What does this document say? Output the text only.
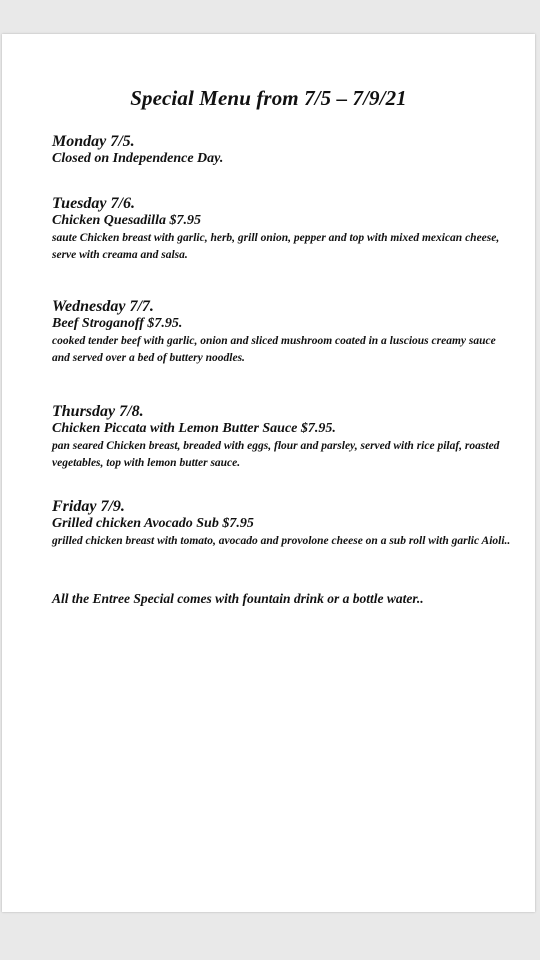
Special Menu from 7/5 – 7/9/21
Monday 7/5.
Closed on Independence Day.
Tuesday 7/6.
Chicken Quesadilla $7.95
saute Chicken breast with garlic, herb, grill onion, pepper and top with mixed mexican cheese, serve with creama and salsa.
Wednesday 7/7.
Beef Stroganoff $7.95.
cooked tender beef with garlic, onion and sliced mushroom coated in a luscious creamy sauce and served over a bed of buttery noodles.
Thursday 7/8.
Chicken Piccata with Lemon Butter Sauce $7.95.
pan seared Chicken breast, breaded with eggs, flour and parsley, served with rice pilaf, roasted vegetables, top with lemon butter sauce.
Friday 7/9.
Grilled chicken Avocado Sub $7.95
grilled chicken breast with tomato, avocado and provolone cheese on a sub roll with garlic Aioli..
All the Entree Special comes with fountain drink or a bottle water..
